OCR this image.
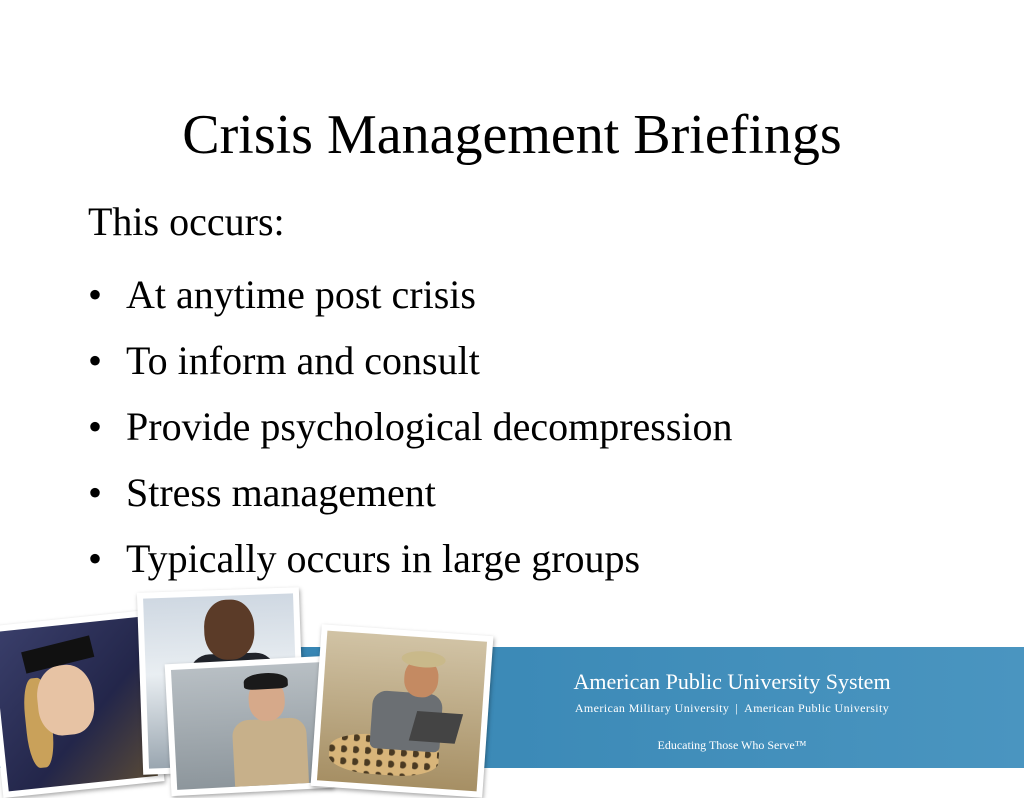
Crisis Management Briefings
This occurs:
• At anytime post crisis
• To inform and consult
• Provide psychological decompression
• Stress management
• Typically occurs in large groups
American Public University System
American Military University | American Public University
Educating Those Who Serve™
